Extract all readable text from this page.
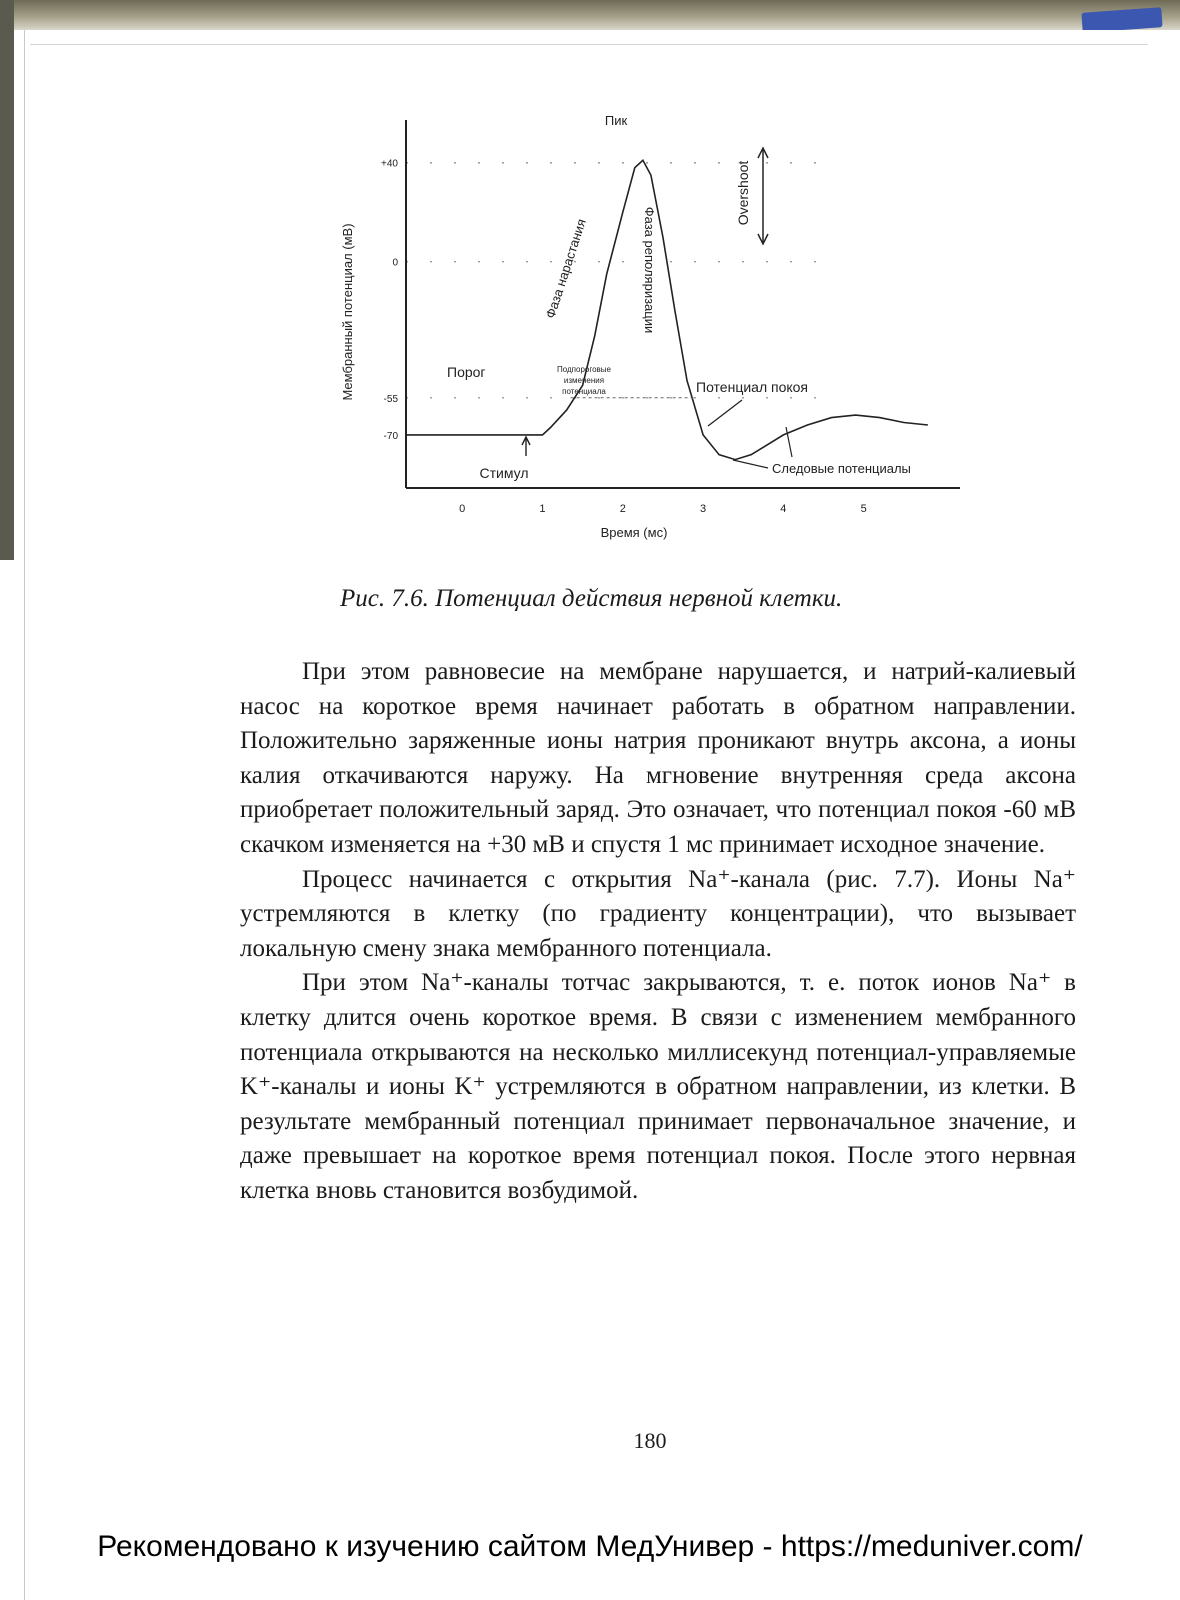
+40
0
-55
-70
0	1	2	3	4	5
Мембранный потенциал (мВ)
Время (мс)
Пик
Фаза нарастания	Фаза реполяризации
Overshoot
Порог
Потенциал покоя
Стимул	Следовые потенциалы
Подпороговые
изменения
потенциала
Рис. 7.6. Потенциал действия нервной клетки.

При этом равновесие на мембране нарушается, и натрий-калиевый насос на короткое время начинает работать в обратном направлении. Положительно заряженные ионы натрия проникают внутрь аксона, а ионы калия откачиваются наружу. На мгновение внутренняя среда аксона приобретает положительный заряд. Это означает, что потенциал покоя -60 мВ скачком изменяется на +30 мВ и спустя 1 мс принимает исходное значение.

Процесс начинается с открытия Na⁺-канала (рис. 7.7). Ионы Na⁺ устремляются в клетку (по градиенту концентрации), что вызывает локальную смену знака мембранного потенциала.

При этом Na⁺-каналы тотчас закрываются, т. е. поток ионов Na⁺ в клетку длится очень короткое время. В связи с изменением мембранного потенциала открываются на несколько миллисекунд потенциал-управляемые K⁺-каналы и ионы K⁺ устремляются в обратном направлении, из клетки. В результате мембранный потенциал принимает первоначальное значение, и даже превышает на короткое время потенциал покоя. После этого нервная клетка вновь становится возбудимой.

180
Рекомендовано к изучению сайтом МедУнивер - https://meduniver.com/
